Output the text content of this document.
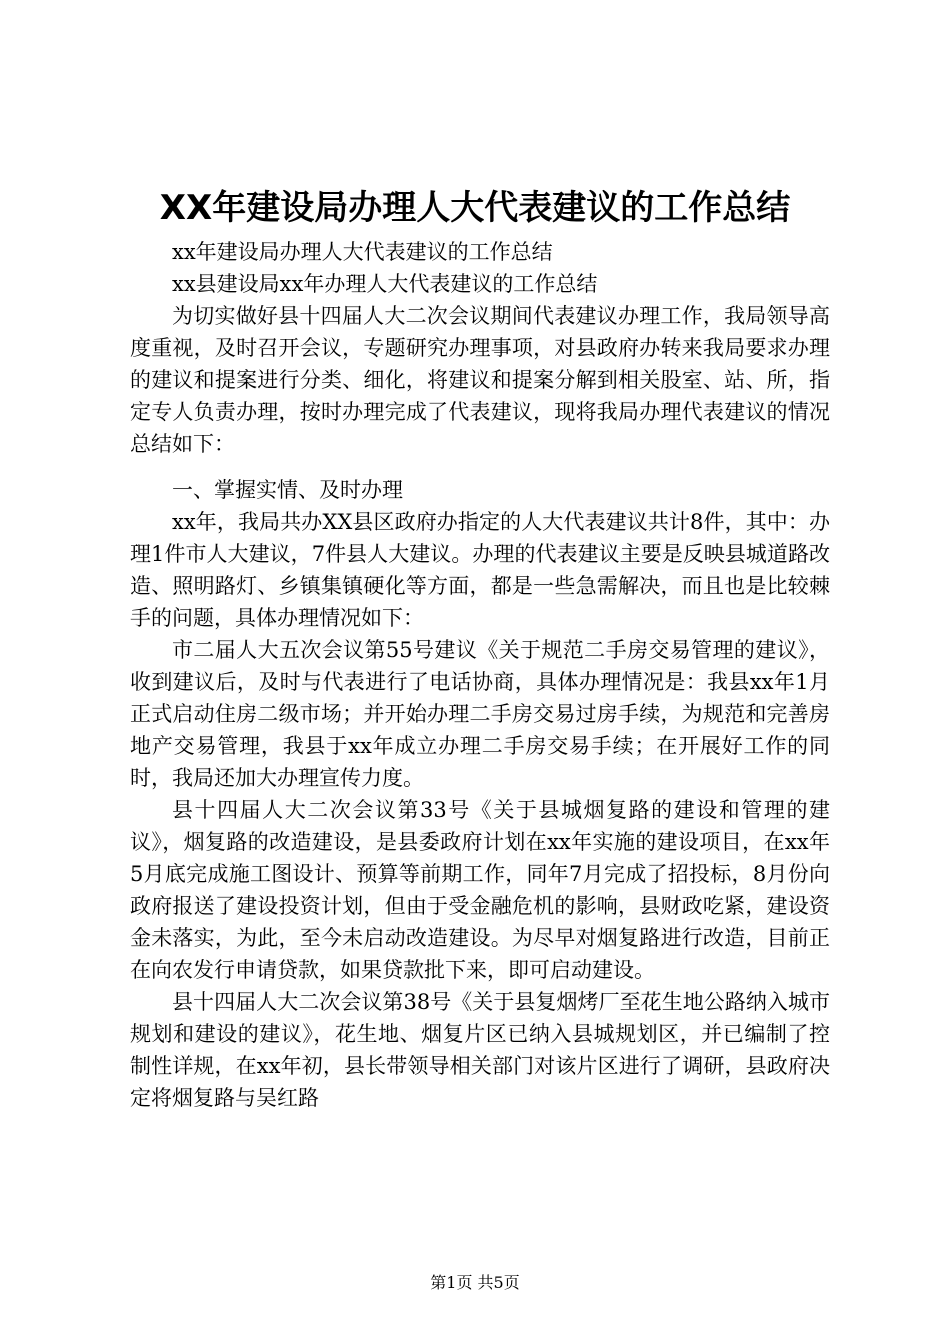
XX年建设局办理人大代表建议的工作总结

xx年建设局办理人大代表建议的工作总结

xx县建设局xx年办理人大代表建议的工作总结

为切实做好县十四届人大二次会议期间代表建议办理工作，我局领导高度重视，及时召开会议，专题研究办理事项，对县政府办转来我局要求办理的建议和提案进行分类、细化，将建议和提案分解到相关股室、站、所，指定专人负责办理，按时办理完成了代表建议，现将我局办理代表建议的情况总结如下：

一、掌握实情、及时办理

xx年，我局共办XX县区政府办指定的人大代表建议共计8件，其中：办理1件市人大建议，7件县人大建议。办理的代表建议主要是反映县城道路改造、照明路灯、乡镇集镇硬化等方面，都是一些急需解决，而且也是比较棘手的问题，具体办理情况如下：

市二届人大五次会议第55号建议《关于规范二手房交易管理的建议》，收到建议后，及时与代表进行了电话协商，具体办理情况是：我县xx年1月正式启动住房二级市场；并开始办理二手房交易过房手续，为规范和完善房地产交易管理，我县于xx年成立办理二手房交易手续；在开展好工作的同时，我局还加大办理宣传力度。

县十四届人大二次会议第33号《关于县城烟复路的建设和管理的建议》，烟复路的改造建设，是县委政府计划在xx年实施的建设项目，在xx年5月底完成施工图设计、预算等前期工作，同年7月完成了招投标，8月份向政府报送了建设投资计划，但由于受金融危机的影响，县财政吃紧，建设资金未落实，为此，至今未启动改造建设。为尽早对烟复路进行改造，目前正在向农发行申请贷款，如果贷款批下来，即可启动建设。

县十四届人大二次会议第38号《关于县复烟烤厂至花生地公路纳入城市规划和建设的建议》，花生地、烟复片区已纳入县城规划区，并已编制了控制性详规，在xx年初，县长带领导相关部门对该片区进行了调研，县政府决定将烟复路与吴红路

第1页 共5页
